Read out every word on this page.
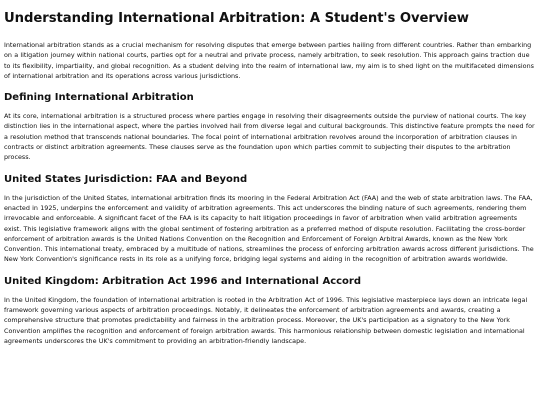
Understanding International Arbitration: A Student's Overview

International arbitration stands as a crucial mechanism for resolving disputes that emerge between parties hailing from different countries. Rather than embarking on a litigation journey within national courts, parties opt for a neutral and private process, namely arbitration, to seek resolution. This approach gains traction due to its flexibility, impartiality, and global recognition. As a student delving into the realm of international law, my aim is to shed light on the multifaceted dimensions of international arbitration and its operations across various jurisdictions.

Defining International Arbitration

At its core, international arbitration is a structured process where parties engage in resolving their disagreements outside the purview of national courts. The key distinction lies in the international aspect, where the parties involved hail from diverse legal and cultural backgrounds. This distinctive feature prompts the need for a resolution method that transcends national boundaries. The focal point of international arbitration revolves around the incorporation of arbitration clauses in contracts or distinct arbitration agreements. These clauses serve as the foundation upon which parties commit to subjecting their disputes to the arbitration process.

United States Jurisdiction: FAA and Beyond

In the jurisdiction of the United States, international arbitration finds its mooring in the Federal Arbitration Act (FAA) and the web of state arbitration laws. The FAA, enacted in 1925, underpins the enforcement and validity of arbitration agreements. This act underscores the binding nature of such agreements, rendering them irrevocable and enforceable. A significant facet of the FAA is its capacity to halt litigation proceedings in favor of arbitration when valid arbitration agreements exist. This legislative framework aligns with the global sentiment of fostering arbitration as a preferred method of dispute resolution. Facilitating the cross-border enforcement of arbitration awards is the United Nations Convention on the Recognition and Enforcement of Foreign Arbitral Awards, known as the New York Convention. This international treaty, embraced by a multitude of nations, streamlines the process of enforcing arbitration awards across different jurisdictions. The New York Convention's significance rests in its role as a unifying force, bridging legal systems and aiding in the recognition of arbitration awards worldwide.

United Kingdom: Arbitration Act 1996 and International Accord

In the United Kingdom, the foundation of international arbitration is rooted in the Arbitration Act of 1996. This legislative masterpiece lays down an intricate legal framework governing various aspects of arbitration proceedings. Notably, it delineates the enforcement of arbitration agreements and awards, creating a comprehensive structure that promotes predictability and fairness in the arbitration process. Moreover, the UK's participation as a signatory to the New York Convention amplifies the recognition and enforcement of foreign arbitration awards. This harmonious relationship between domestic legislation and international agreements underscores the UK's commitment to providing an arbitration-friendly landscape.
